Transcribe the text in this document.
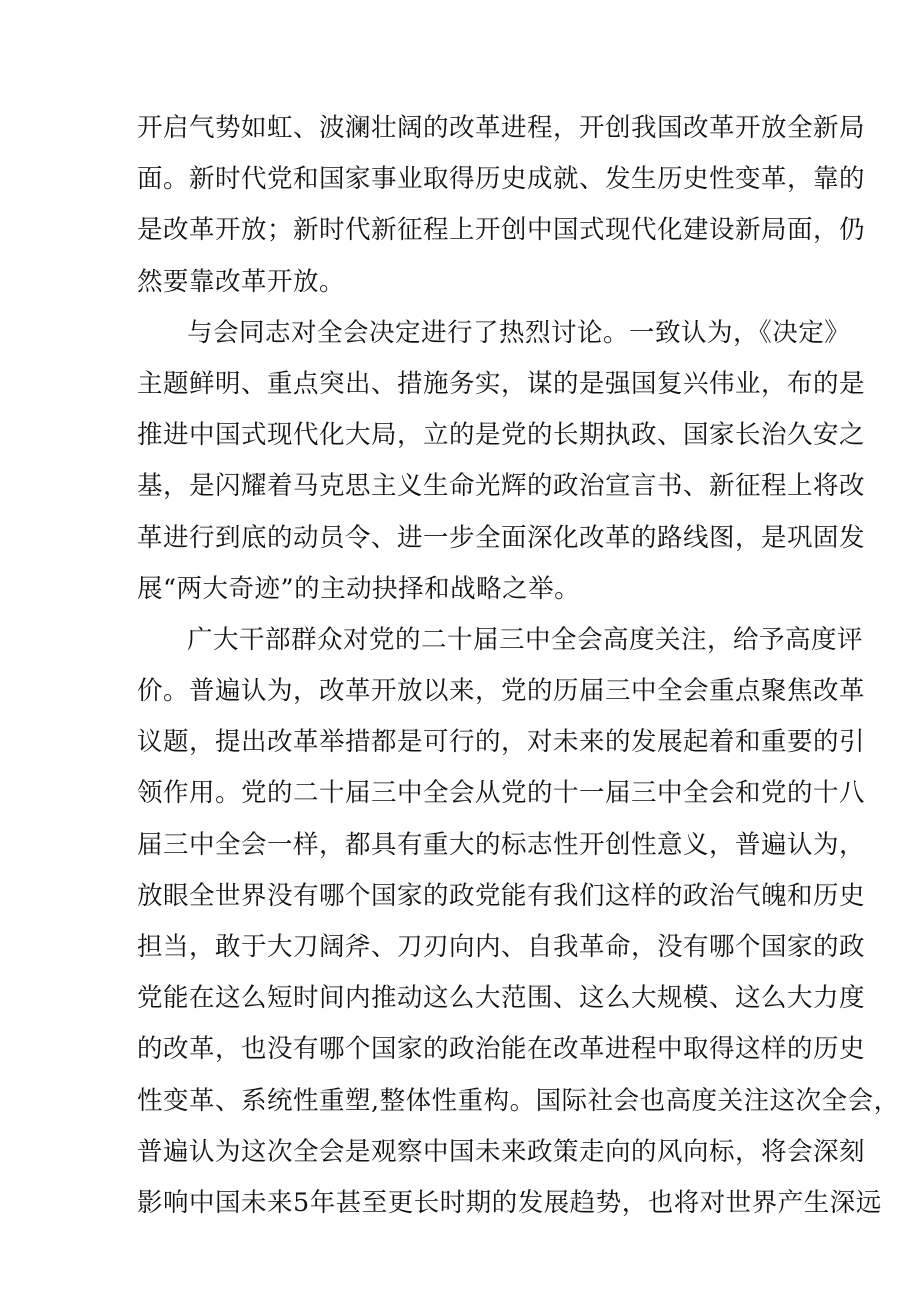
开启气势如虹、波澜壮阔的改革进程，开创我国改革开放全新局
面。新时代党和国家事业取得历史成就、发生历史性变革，靠的
是改革开放；新时代新征程上开创中国式现代化建设新局面，仍
然要靠改革开放。
与会同志对全会决定进行了热烈讨论。一致认为，《决定》
主题鲜明、重点突出、措施务实，谋的是强国复兴伟业，布的是
推进中国式现代化大局，立的是党的长期执政、国家长治久安之
基，是闪耀着马克思主义生命光辉的政治宣言书、新征程上将改
革进行到底的动员令、进一步全面深化改革的路线图，是巩固发
展“两大奇迹”的主动抉择和战略之举。
广大干部群众对党的二十届三中全会高度关注，给予高度评
价。普遍认为，改革开放以来，党的历届三中全会重点聚焦改革
议题，提出改革举措都是可行的，对未来的发展起着和重要的引
领作用。党的二十届三中全会从党的十一届三中全会和党的十八
届三中全会一样，都具有重大的标志性开创性意义，普遍认为，
放眼全世界没有哪个国家的政党能有我们这样的政治气魄和历史
担当，敢于大刀阔斧、刀刃向内、自我革命，没有哪个国家的政
党能在这么短时间内推动这么大范围、这么大规模、这么大力度
的改革，也没有哪个国家的政治能在改革进程中取得这样的历史
性变革、系统性重塑,整体性重构。国际社会也高度关注这次全会，
普遍认为这次全会是观察中国未来政策走向的风向标，将会深刻
影响中国未来5年甚至更长时期的发展趋势，也将对世界产生深远
